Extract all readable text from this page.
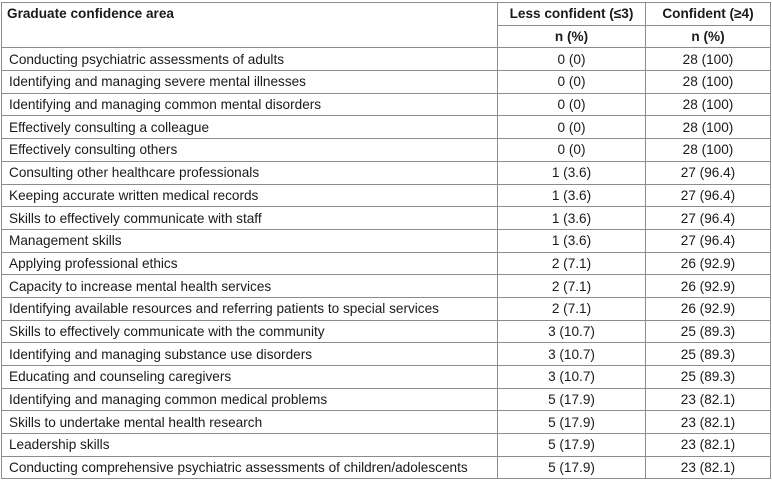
Graduate confidence area	Less confident (≤3)	Confident (≥4)
	n (%)	n (%)
Conducting psychiatric assessments of adults	0 (0)	28 (100)
Identifying and managing severe mental illnesses	0 (0)	28 (100)
Identifying and managing common mental disorders	0 (0)	28 (100)
Effectively consulting a colleague	0 (0)	28 (100)
Effectively consulting others	0 (0)	28 (100)
Consulting other healthcare professionals	1 (3.6)	27 (96.4)
Keeping accurate written medical records	1 (3.6)	27 (96.4)
Skills to effectively communicate with staff	1 (3.6)	27 (96.4)
Management skills	1 (3.6)	27 (96.4)
Applying professional ethics	2 (7.1)	26 (92.9)
Capacity to increase mental health services	2 (7.1)	26 (92.9)
Identifying available resources and referring patients to special services	2 (7.1)	26 (92.9)
Skills to effectively communicate with the community	3 (10.7)	25 (89.3)
Identifying and managing substance use disorders	3 (10.7)	25 (89.3)
Educating and counseling caregivers	3 (10.7)	25 (89.3)
Identifying and managing common medical problems	5 (17.9)	23 (82.1)
Skills to undertake mental health research	5 (17.9)	23 (82.1)
Leadership skills	5 (17.9)	23 (82.1)
Conducting comprehensive psychiatric assessments of children/adolescents	5 (17.9)	23 (82.1)
